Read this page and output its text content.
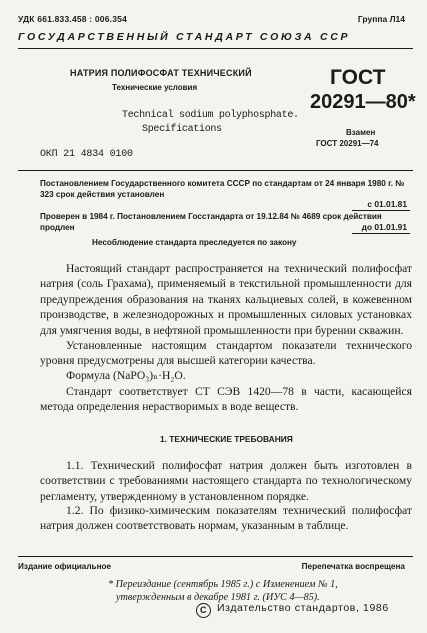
УДК 661.833.458 : 006.354	Группа Л14
ГОСУДАРСТВЕННЫЙ СТАНДАРТ СОЮЗА ССР
НАТРИЯ ПОЛИФОСФАТ ТЕХНИЧЕСКИЙ
Технические условия
Technical sodium polyphosphate.
Specifications
ГОСТ
20291—80*
Взамен
ГОСТ 20291—74
ОКП 21 4834 0100
Постановлением Государственного комитета СССР по стандартам от 24 января 1980 г. № 323 срок действия установлен
с 01.01.81
Проверен в 1984 г. Постановлением Госстандарта от 19.12.84 № 4689 срок действия продлен	до 01.01.91
Несоблюдение стандарта преследуется по закону
Настоящий стандарт распространяется на технический полифосфат натрия (соль Грахама), применяемый в текстильной промышленности для предупреждения образования на тканях кальциевых солей, в кожевенном производстве, в железнодорожных и промышленных силовых установках для умягчения воды, в нефтяной промышленности при бурении скважин.
Установленные настоящим стандартом показатели технического уровня предусмотрены для высшей категории качества.
Формула (NaPO₃)ₙ·H₂O.
Стандарт соответствует СТ СЭВ 1420—78 в части, касающейся метода определения нерастворимых в воде веществ.
1. ТЕХНИЧЕСКИЕ ТРЕБОВАНИЯ
1.1. Технический полифосфат натрия должен быть изготовлен в соответствии с требованиями настоящего стандарта по технологическому регламенту, утвержденному в установленном порядке.
1.2. По физико-химическим показателям технический полифосфат натрия должен соответствовать нормам, указанным в таблице.
Издание официальное	Перепечатка воспрещена
* Переиздание (сентябрь 1985 г.) с Изменением № 1,
утвержденным в декабре 1981 г. (ИУС 4—85).
С Издательство стандартов, 1986
